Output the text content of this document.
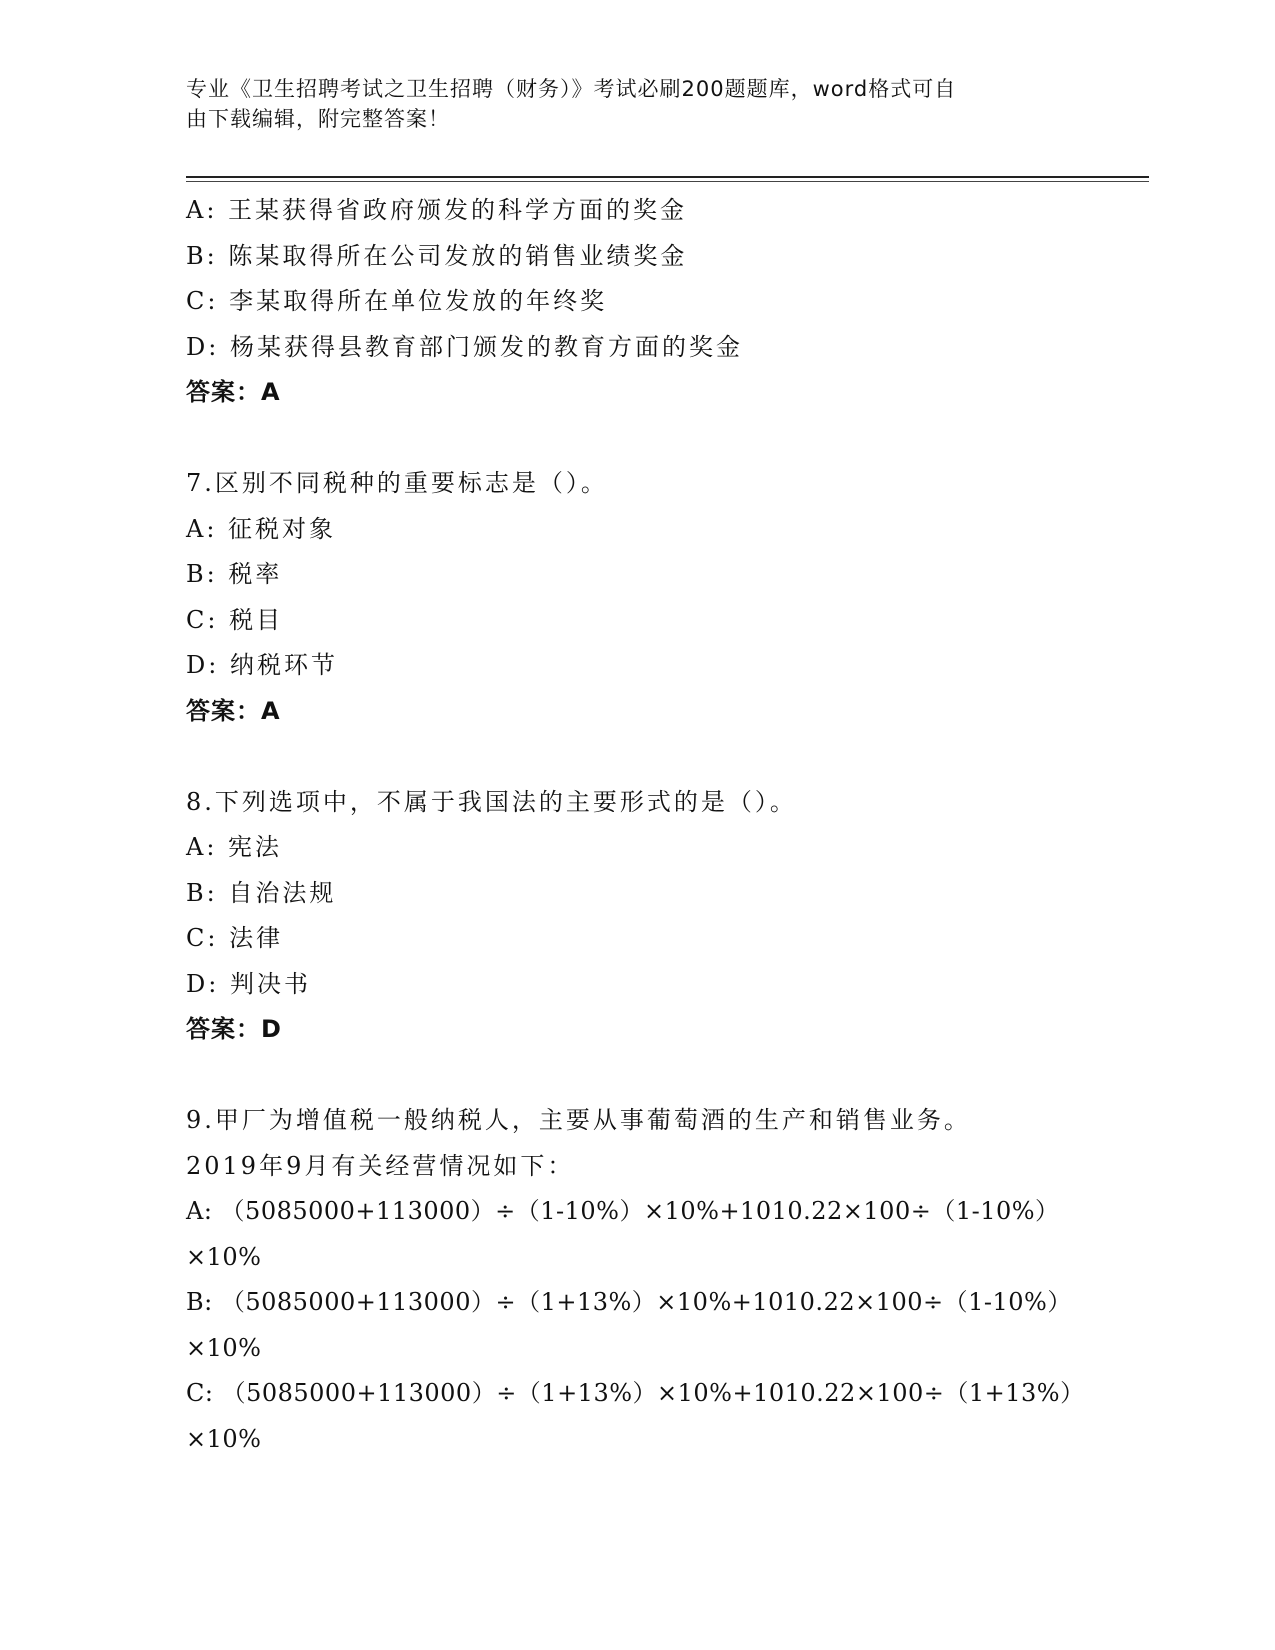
专业《卫生招聘考试之卫生招聘（财务）》考试必刷200题题库，word格式可自
由下载编辑，附完整答案！
A: 王某获得省政府颁发的科学方面的奖金
B: 陈某取得所在公司发放的销售业绩奖金
C: 李某取得所在单位发放的年终奖
D: 杨某获得县教育部门颁发的教育方面的奖金
答案：A
7.区别不同税种的重要标志是（）。
A: 征税对象
B: 税率
C: 税目
D: 纳税环节
答案：A
8.下列选项中，不属于我国法的主要形式的是（）。
A: 宪法
B: 自治法规
C: 法律
D: 判决书
答案：D
9.甲厂为增值税一般纳税人，主要从事葡萄酒的生产和销售业务。
2019年9月有关经营情况如下：
A: （5085000+113000）÷（1-10%）×10%+1010.22×100÷（1-10%）
×10%
B: （5085000+113000）÷（1+13%）×10%+1010.22×100÷（1-10%）
×10%
C: （5085000+113000）÷（1+13%）×10%+1010.22×100÷（1+13%）
×10%
